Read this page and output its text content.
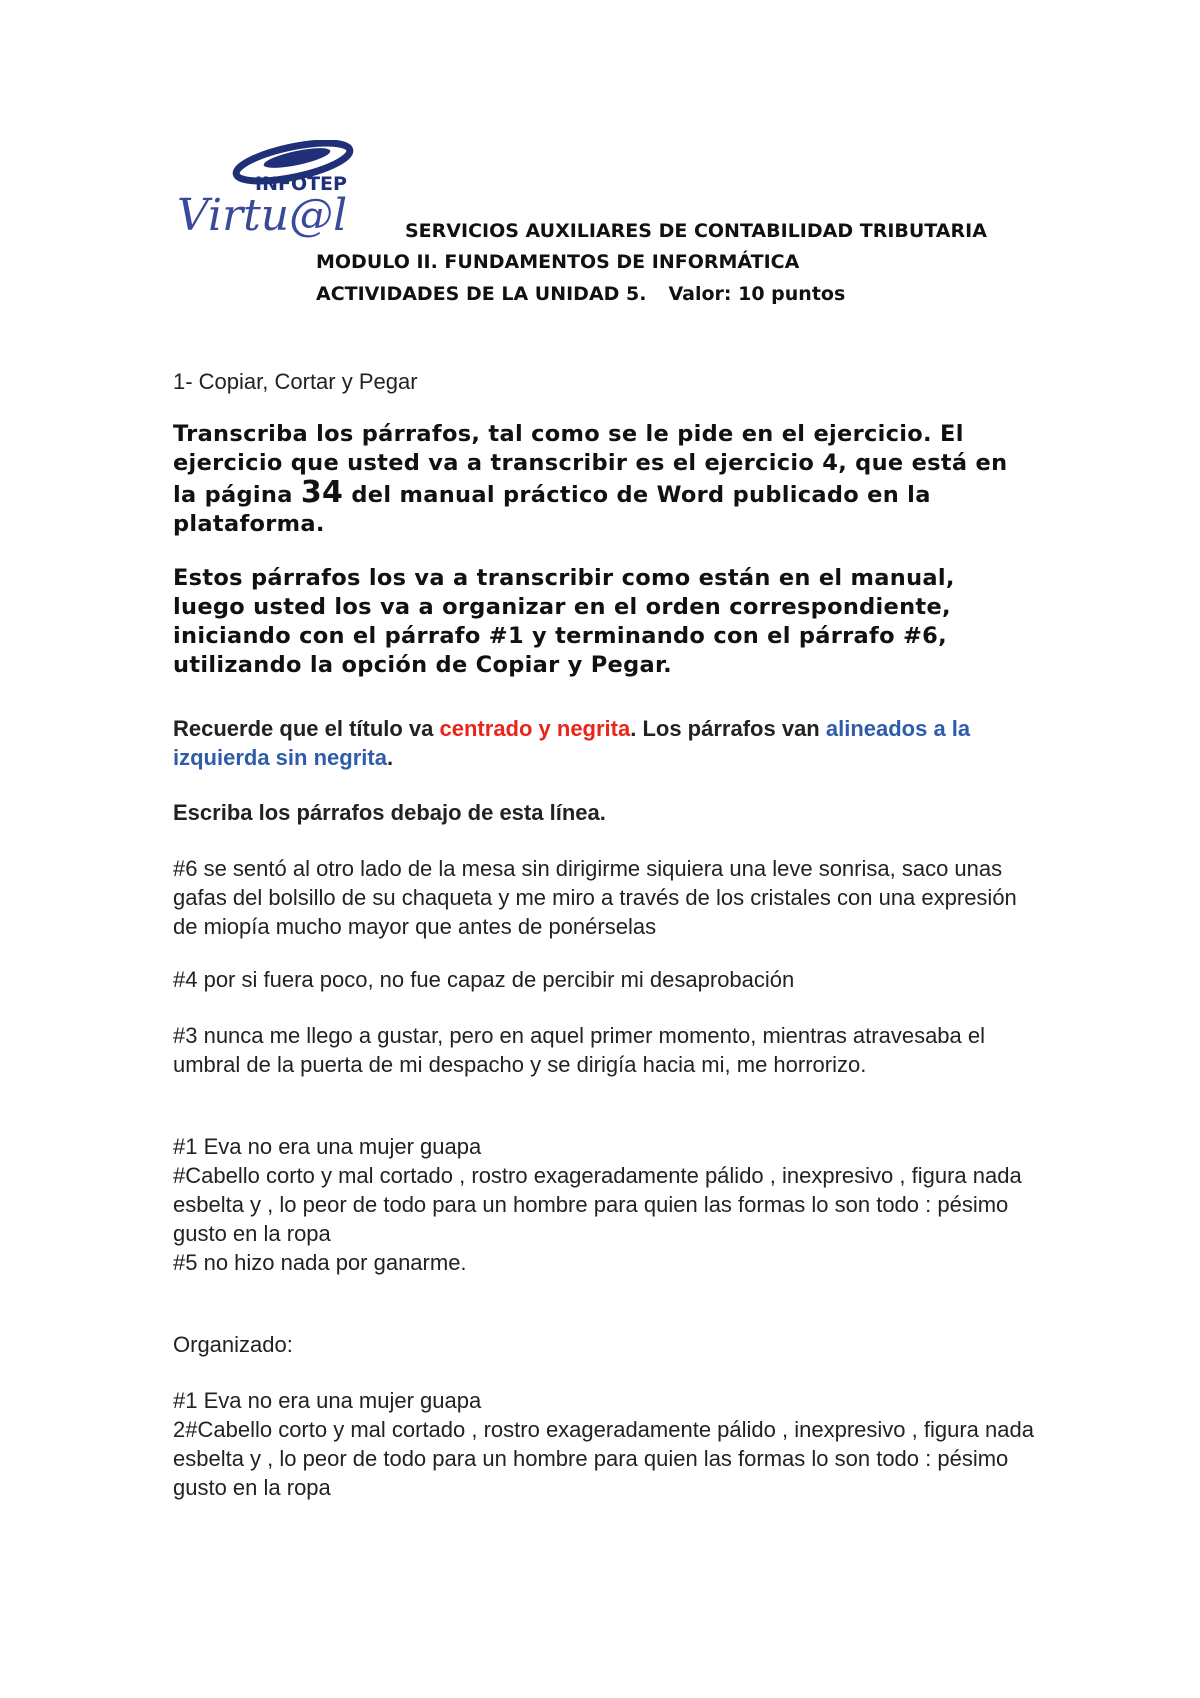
INFOTEP
Virtu@l	SERVICIOS AUXILIARES DE CONTABILIDAD TRIBUTARIA
MODULO II. FUNDAMENTOS DE INFORMÁTICA
ACTIVIDADES DE LA UNIDAD 5. Valor: 10 puntos
1- Copiar, Cortar y Pegar
Transcriba los párrafos, tal como se le pide en el ejercicio. El ejercicio que usted va a transcribir es el ejercicio 4, que está en la página 34 del manual práctico de Word publicado en la plataforma.
Estos párrafos los va a transcribir como están en el manual, luego usted los va a organizar en el orden correspondiente, iniciando con el párrafo #1 y terminando con el párrafo #6, utilizando la opción de Copiar y Pegar.
Recuerde que el título va centrado y negrita. Los párrafos van alineados a la izquierda sin negrita.
Escriba los párrafos debajo de esta línea.
#6 se sentó al otro lado de la mesa sin dirigirme siquiera una leve sonrisa, saco unas gafas del bolsillo de su chaqueta y me miro a través de los cristales con una expresión de miopía mucho mayor que antes de ponérselas
#4 por si fuera poco, no fue capaz de percibir mi desaprobación
#3 nunca me llego a gustar, pero en aquel primer momento, mientras atravesaba el umbral de la puerta de mi despacho y se dirigía hacia mi, me horrorizo.
#1 Eva no era una mujer guapa
#Cabello corto y mal cortado , rostro exageradamente pálido , inexpresivo , figura nada esbelta y , lo peor de todo para un hombre para quien las formas lo son todo : pésimo gusto en la ropa
#5 no hizo nada por ganarme.
Organizado:
#1 Eva no era una mujer guapa
2#Cabello corto y mal cortado , rostro exageradamente pálido , inexpresivo , figura nada esbelta y , lo peor de todo para un hombre para quien las formas lo son todo : pésimo gusto en la ropa
